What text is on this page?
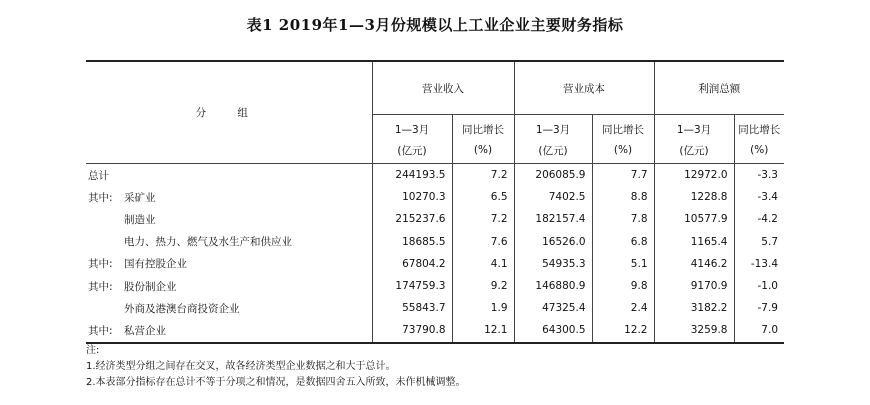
表1 2019年1—3月份规模以上工业企业主要财务指标
分 组	营业收入		营业成本		利润总额	
	1—3月	同比增长	1—3月	同比增长	1—3月	同比增长
	(亿元)	(%)	(亿元)	(%)	(亿元)	(%)
总计	244193.5	7.2	206085.9	7.7	12972.0	-3.3
其中: 采矿业	10270.3	6.5	7402.5	8.8	1228.8	-3.4
制造业	215237.6	7.2	182157.4	7.8	10577.9	-4.2
电力、热力、燃气及水生产和供应业	18685.5	7.6	16526.0	6.8	1165.4	5.7
其中: 国有控股企业	67804.2	4.1	54935.3	5.1	4146.2	-13.4
其中: 股份制企业	174759.3	9.2	146880.9	9.8	9170.9	-1.0
外商及港澳台商投资企业	55843.7	1.9	47325.4	2.4	3182.2	-7.9
其中: 私营企业	73790.8	12.1	64300.5	12.2	3259.8	7.0
注:
1.经济类型分组之间存在交叉，故各经济类型企业数据之和大于总计。
2.本表部分指标存在总计不等于分项之和情况，是数据四舍五入所致，未作机械调整。
